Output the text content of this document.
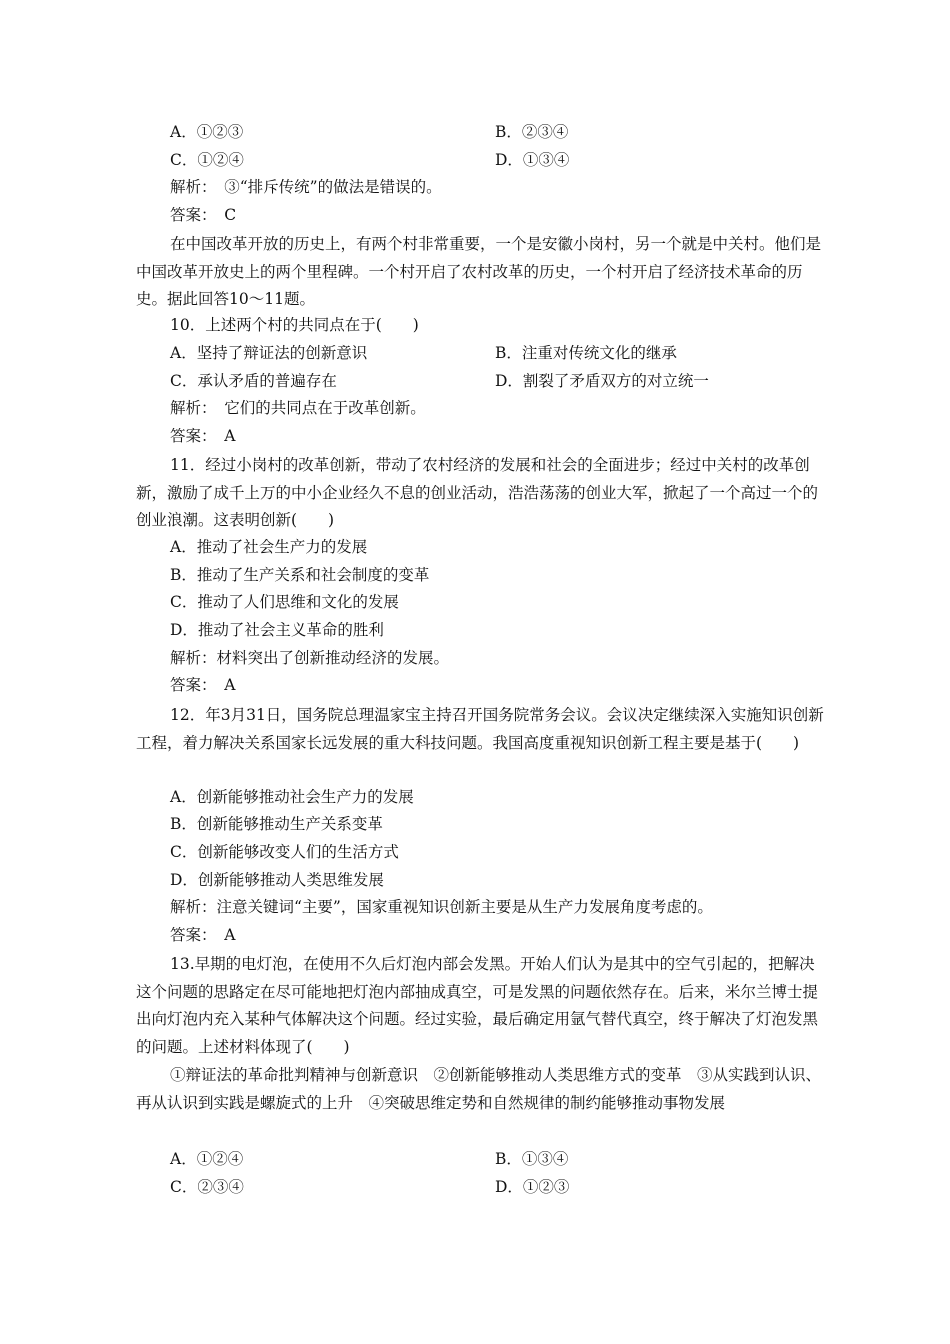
A．①②③	B．②③④
C．①②④	D．①③④
解析：　③“排斥传统”的做法是错误的。
答案：　C
在中国改革开放的历史上，有两个村非常重要，一个是安徽小岗村，另一个就是中关村。他们是中国改革开放史上的两个里程碑。一个村开启了农村改革的历史，一个村开启了经济技术革命的历史。据此回答10～11题。
10．上述两个村的共同点在于(　　)
A．坚持了辩证法的创新意识	B．注重对传统文化的继承
C．承认矛盾的普遍存在	D．割裂了矛盾双方的对立统一
解析：　它们的共同点在于改革创新。
答案：　A
11．经过小岗村的改革创新，带动了农村经济的发展和社会的全面进步；经过中关村的改革创新，激励了成千上万的中小企业经久不息的创业活动，浩浩荡荡的创业大军，掀起了一个高过一个的创业浪潮。这表明创新(　　)
A．推动了社会生产力的发展
B．推动了生产关系和社会制度的变革
C．推动了人们思维和文化的发展
D．推动了社会主义革命的胜利
解析：材料突出了创新推动经济的发展。
答案：　A
12．年3月31日，国务院总理温家宝主持召开国务院常务会议。会议决定继续深入实施知识创新工程，着力解决关系国家长远发展的重大科技问题。我国高度重视知识创新工程主要是基于(　　)
A．创新能够推动社会生产力的发展
B．创新能够推动生产关系变革
C．创新能够改变人们的生活方式
D．创新能够推动人类思维发展
解析：注意关键词“主要”，国家重视知识创新主要是从生产力发展角度考虑的。
答案：　A
13.早期的电灯泡，在使用不久后灯泡内部会发黑。开始人们认为是其中的空气引起的，把解决这个问题的思路定在尽可能地把灯泡内部抽成真空，可是发黑的问题依然存在。后来，米尔兰博士提出向灯泡内充入某种气体解决这个问题。经过实验，最后确定用氩气替代真空，终于解决了灯泡发黑的问题。上述材料体现了(　　)
①辩证法的革命批判精神与创新意识　②创新能够推动人类思维方式的变革　③从实践到认识、再从认识到实践是螺旋式的上升　④突破思维定势和自然规律的制约能够推动事物发展
A．①②④	B．①③④
C．②③④	D．①②③
